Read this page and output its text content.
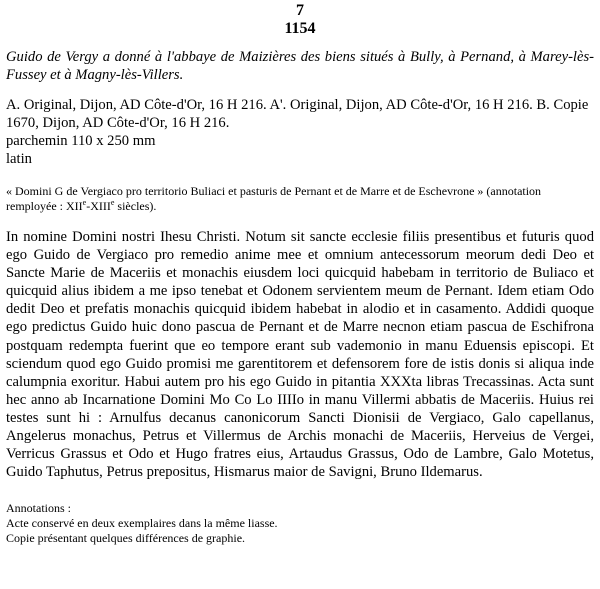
7
1154
Guido de Vergy a donné à l'abbaye de Maizières des biens situés à Bully, à Pernand, à Marey-lès-Fussey et à Magny-lès-Villers.
A. Original, Dijon, AD Côte-d'Or, 16 H 216. A'. Original, Dijon, AD Côte-d'Or, 16 H 216. B. Copie 1670, Dijon, AD Côte-d'Or, 16 H 216.
parchemin 110 x 250 mm
latin
« Domini G de Vergiaco pro territorio Buliaci et pasturis de Pernant et de Marre et de Eschevrone » (annotation remployée : XIIe-XIIIe siècles).
In nomine Domini nostri Ihesu Christi. Notum sit sancte ecclesie filiis presentibus et futuris quod ego Guido de Vergiaco pro remedio anime mee et omnium antecessorum meorum dedi Deo et Sancte Marie de Maceriis et monachis eiusdem loci quicquid habebam in territorio de Buliaco et quicquid alius ibidem a me ipso tenebat et Odonem servientem meum de Pernant. Idem etiam Odo dedit Deo et prefatis monachis quicquid ibidem habebat in alodio et in casamento. Addidi quoque ego predictus Guido huic dono pascua de Pernant et de Marre necnon etiam pascua de Eschifrona postquam redempta fuerint que eo tempore erant sub vademonio in manu Eduensis episcopi. Et sciendum quod ego Guido promisi me garentitorem et defensorem fore de istis donis si aliqua inde calumpnia exoritur. Habui autem pro his ego Guido in pitantia XXXta libras Trecassinas. Acta sunt hec anno ab Incarnatione Domini Mo Co Lo IIIIo in manu Villermi abbatis de Maceriis. Huius rei testes sunt hi : Arnulfus decanus canonicorum Sancti Dionisii de Vergiaco, Galo capellanus, Angelerus monachus, Petrus et Villermus de Archis monachi de Maceriis, Herveius de Vergei, Verricus Grassus et Odo et Hugo fratres eius, Artaudus Grassus, Odo de Lambre, Galo Motetus, Guido Taphutus, Petrus prepositus, Hismarus maior de Savigni, Bruno Ildemarus.
Annotations :
Acte conservé en deux exemplaires dans la même liasse.
Copie présentant quelques différences de graphie.
